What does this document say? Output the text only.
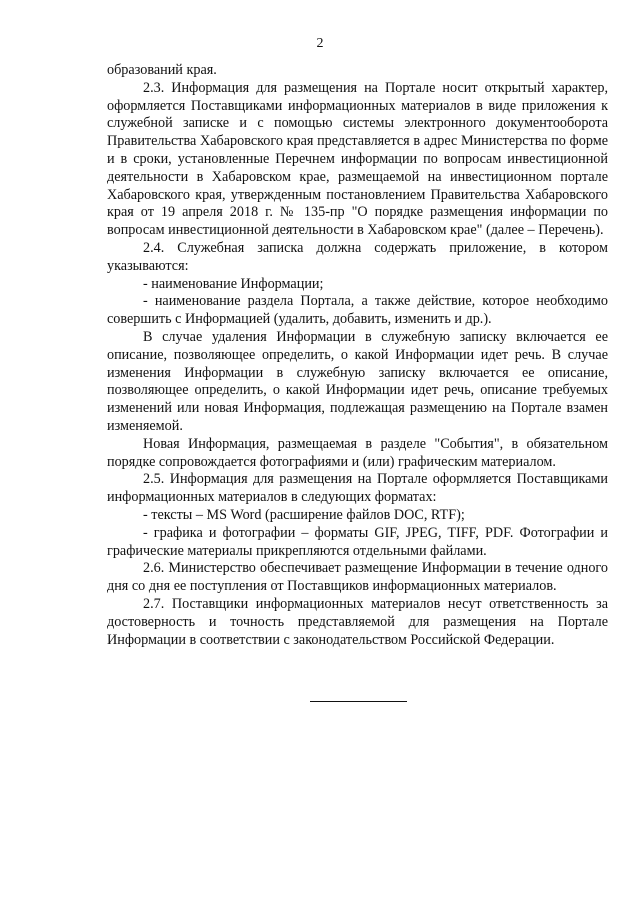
2

образований края.

2.3. Информация для размещения на Портале носит открытый характер, оформляется Поставщиками информационных материалов в виде приложения к служебной записке и с помощью системы электронного документооборота Правительства Хабаровского края представляется в адрес Министерства по форме и в сроки, установленные Перечнем информации по вопросам инвестиционной деятельности в Хабаровском крае, размещаемой на инвестиционном портале Хабаровского края, утвержденным постановлением Правительства Хабаровского края от 19 апреля 2018 г. № 135-пр "О порядке размещения информации по вопросам инвестиционной деятельности в Хабаровском крае" (далее – Перечень).

2.4. Служебная записка должна содержать приложение, в котором указываются:

- наименование Информации;

- наименование раздела Портала, а также действие, которое необходимо совершить с Информацией (удалить, добавить, изменить и др.).

В случае удаления Информации в служебную записку включается ее описание, позволяющее определить, о какой Информации идет речь. В случае изменения Информации в служебную записку включается ее описание, позволяющее определить, о какой Информации идет речь, описание требуемых изменений или новая Информация, подлежащая размещению на Портале взамен изменяемой.

Новая Информация, размещаемая в разделе "События", в обязательном порядке сопровождается фотографиями и (или) графическим материалом.

2.5. Информация для размещения на Портале оформляется Поставщиками информационных материалов в следующих форматах:

- тексты – MS Word (расширение файлов DOC, RTF);

- графика и фотографии – форматы GIF, JPEG, TIFF, PDF. Фотографии и графические материалы прикрепляются отдельными файлами.

2.6. Министерство обеспечивает размещение Информации в течение одного дня со дня ее поступления от Поставщиков информационных материалов.

2.7. Поставщики информационных материалов несут ответственность за достоверность и точность представляемой для размещения на Портале Информации в соответствии с законодательством Российской Федерации.
